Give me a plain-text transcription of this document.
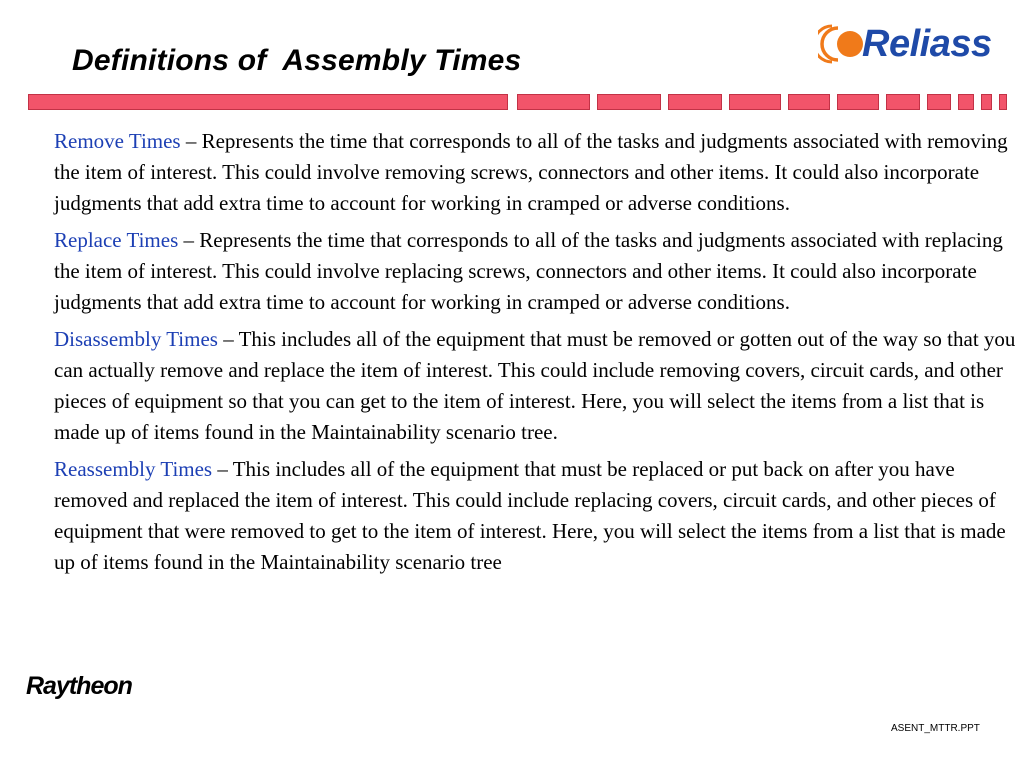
Definitions of  Assembly Times	Reliass

Remove Times – Represents the time that corresponds to all of the tasks and judgments associated with removing the item of interest. This could involve removing screws, connectors and other items. It could also incorporate judgments that add extra time to account for working in cramped or adverse conditions.

Replace Times – Represents the time that corresponds to all of the tasks and judgments associated with replacing the item of interest. This could involve replacing screws, connectors and other items. It could also incorporate judgments that add extra time to account for working in cramped or adverse conditions.

Disassembly Times – This includes all of the equipment that must be removed or gotten out of the way so that you can actually remove and replace the item of interest. This could include removing covers, circuit cards, and other pieces of equipment so that you can get to the item of interest. Here, you will select the items from a list that is made up of items found in the Maintainability scenario tree.

Reassembly Times – This includes all of the equipment that must be replaced or put back on after you have removed and replaced the item of interest. This could include replacing covers, circuit cards, and other pieces of equipment that were removed to get to the item of interest. Here, you will select the items from a list that is made up of items found in the Maintainability scenario tree

Raytheon
ASENT_MTTR.PPT
